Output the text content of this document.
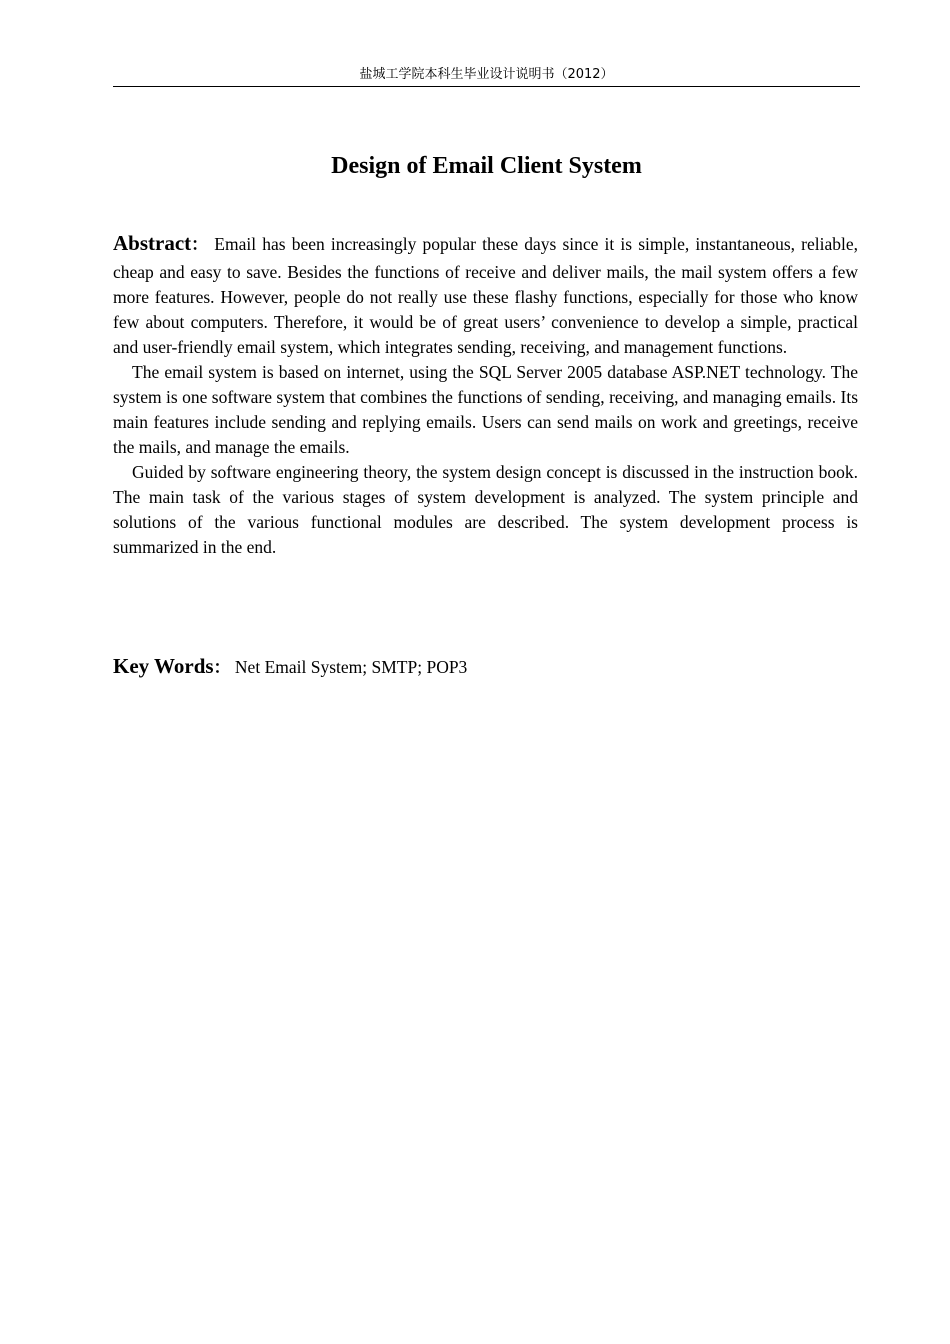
盐城工学院本科生毕业设计说明书（2012）
Design of Email Client System

Abstract： Email has been increasingly popular these days since it is simple, instantaneous, reliable, cheap and easy to save. Besides the functions of receive and deliver mails, the mail system offers a few more features. However, people do not really use these flashy functions, especially for those who know few about computers. Therefore, it would be of great users’ convenience to develop a simple, practical and user-friendly email system, which integrates sending, receiving, and management functions.

The email system is based on internet, using the SQL Server 2005 database ASP.NET technology. The system is one software system that combines the functions of sending, receiving, and managing emails. Its main features include sending and replying emails. Users can send mails on work and greetings, receive the mails, and manage the emails.

Guided by software engineering theory, the system design concept is discussed in the instruction book. The main task of the various stages of system development is analyzed. The system principle and solutions of the various functional modules are described. The system development process is summarized in the end.

Key Words： Net Email System; SMTP; POP3
